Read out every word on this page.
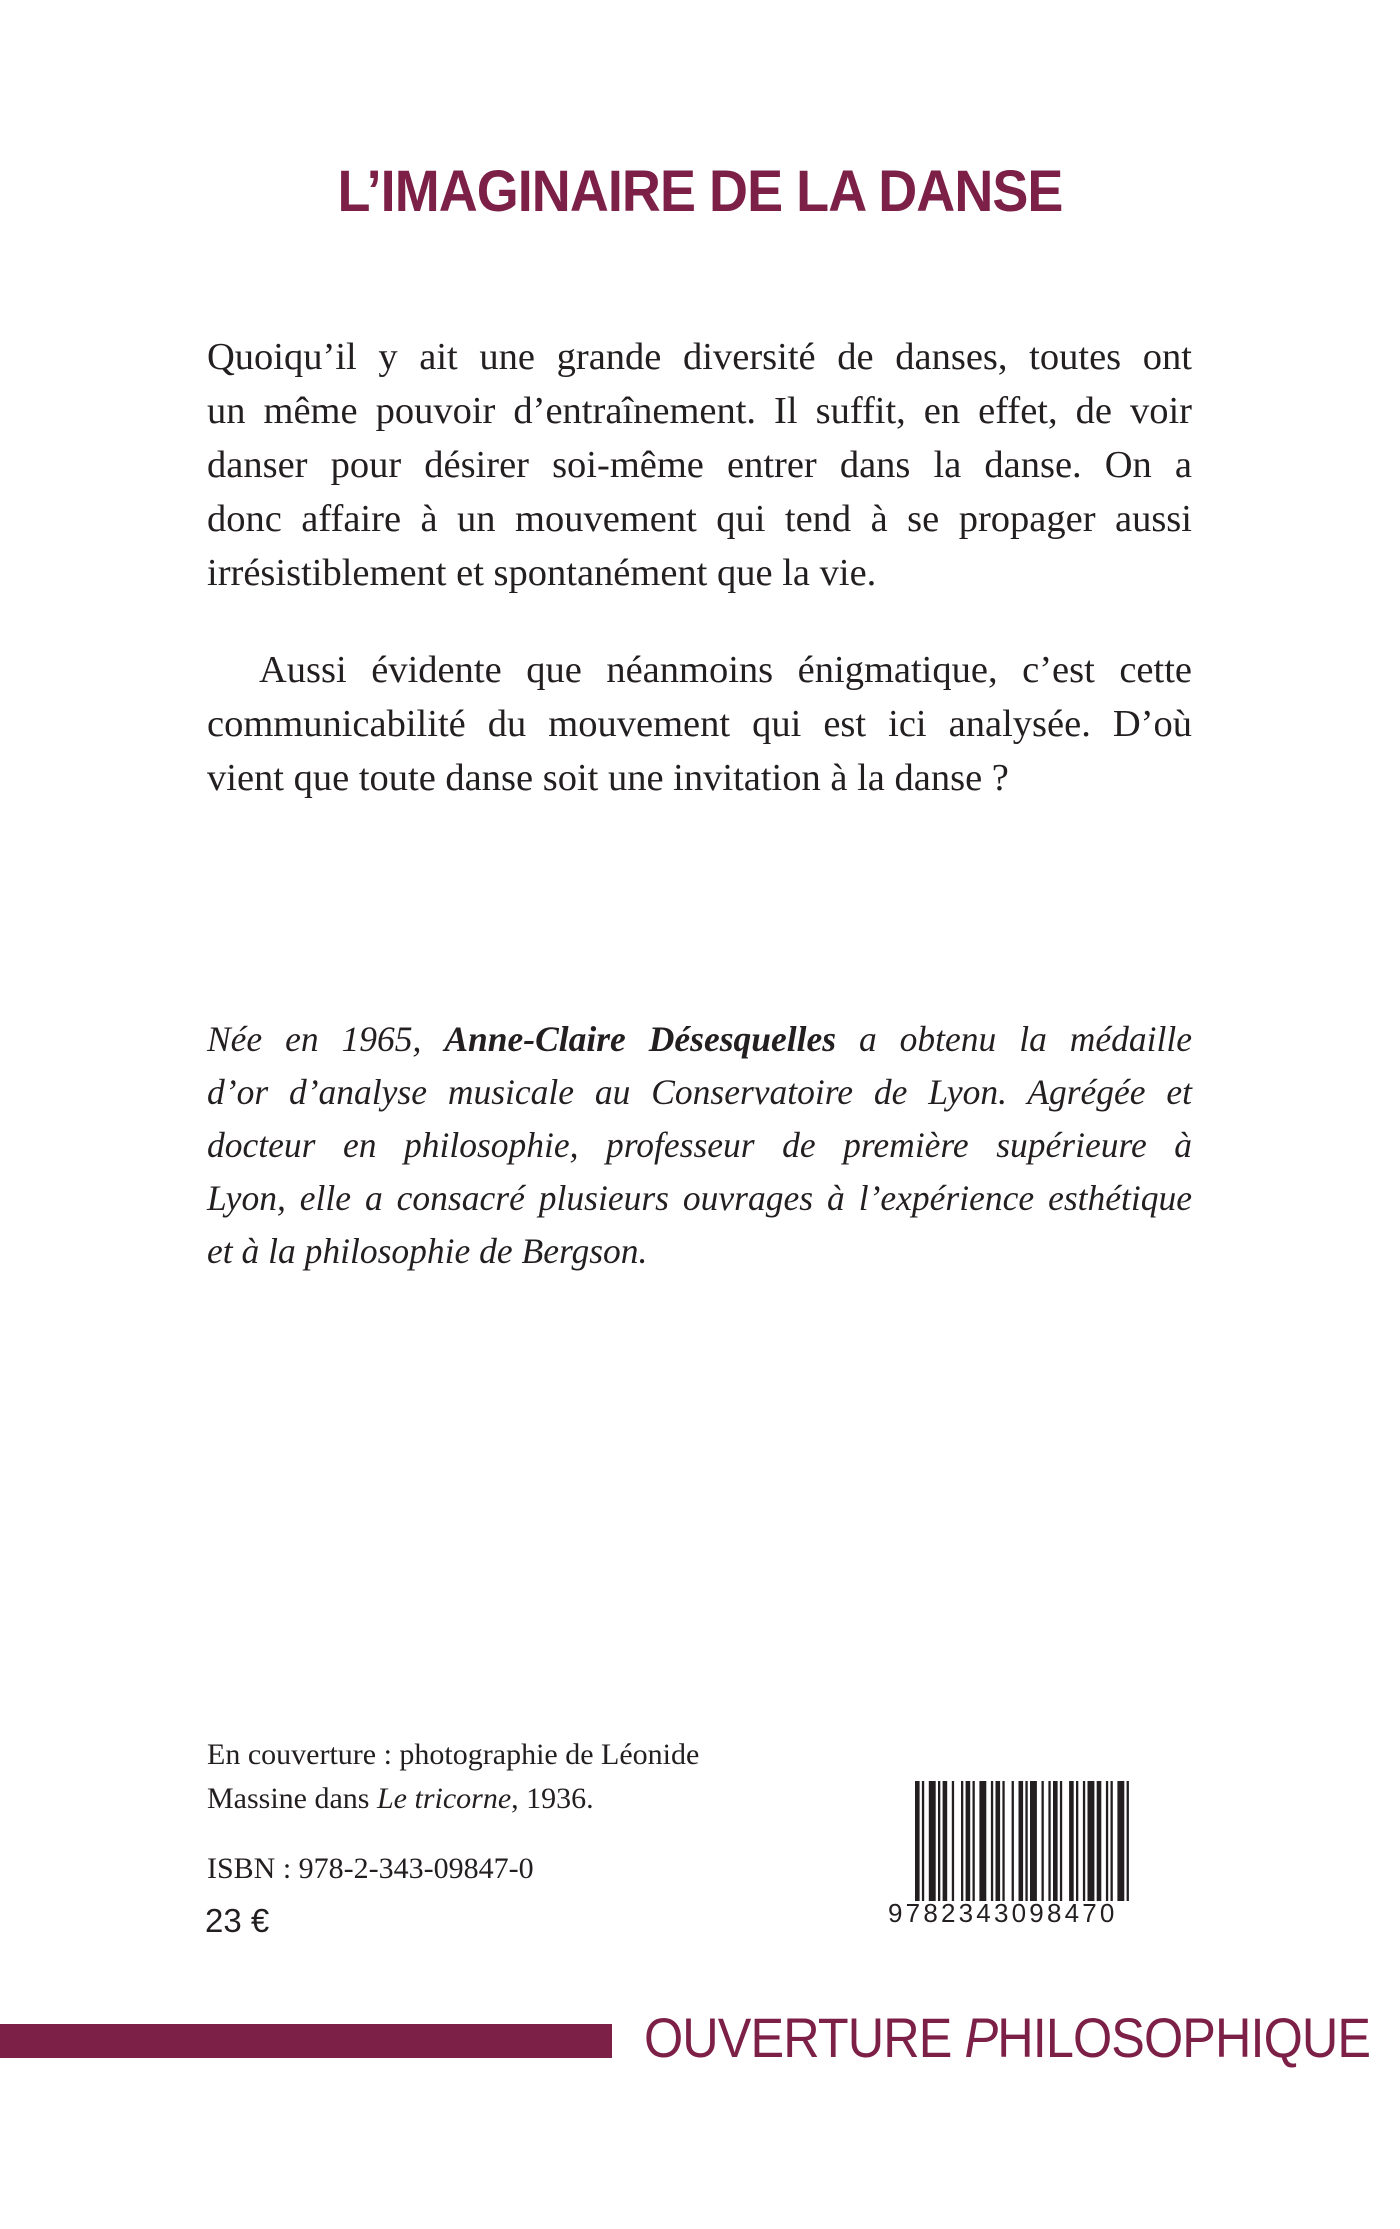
L’IMAGINAIRE DE LA DANSE
Quoiqu’il y ait une grande diversité de danses, toutes ont
un même pouvoir d’entraînement. Il suffit, en effet, de voir
danser pour désirer soi-même entrer dans la danse. On a
donc affaire à un mouvement qui tend à se propager aussi
irrésistiblement et spontanément que la vie.
Aussi évidente que néanmoins énigmatique, c’est cette
communicabilité du mouvement qui est ici analysée. D’où
vient que toute danse soit une invitation à la danse ?
Née en 1965, Anne-Claire Désesquelles a obtenu la médaille
d’or d’analyse musicale au Conservatoire de Lyon. Agrégée et
docteur en philosophie, professeur de première supérieure à
Lyon, elle a consacré plusieurs ouvrages à l’expérience esthétique
et à la philosophie de Bergson.
En couverture : photographie de Léonide
Massine dans Le tricorne, 1936.
ISBN : 978-2-343-09847-0
23 €	9782343098470
OUVERTURE PHILOSOPHIQUE
